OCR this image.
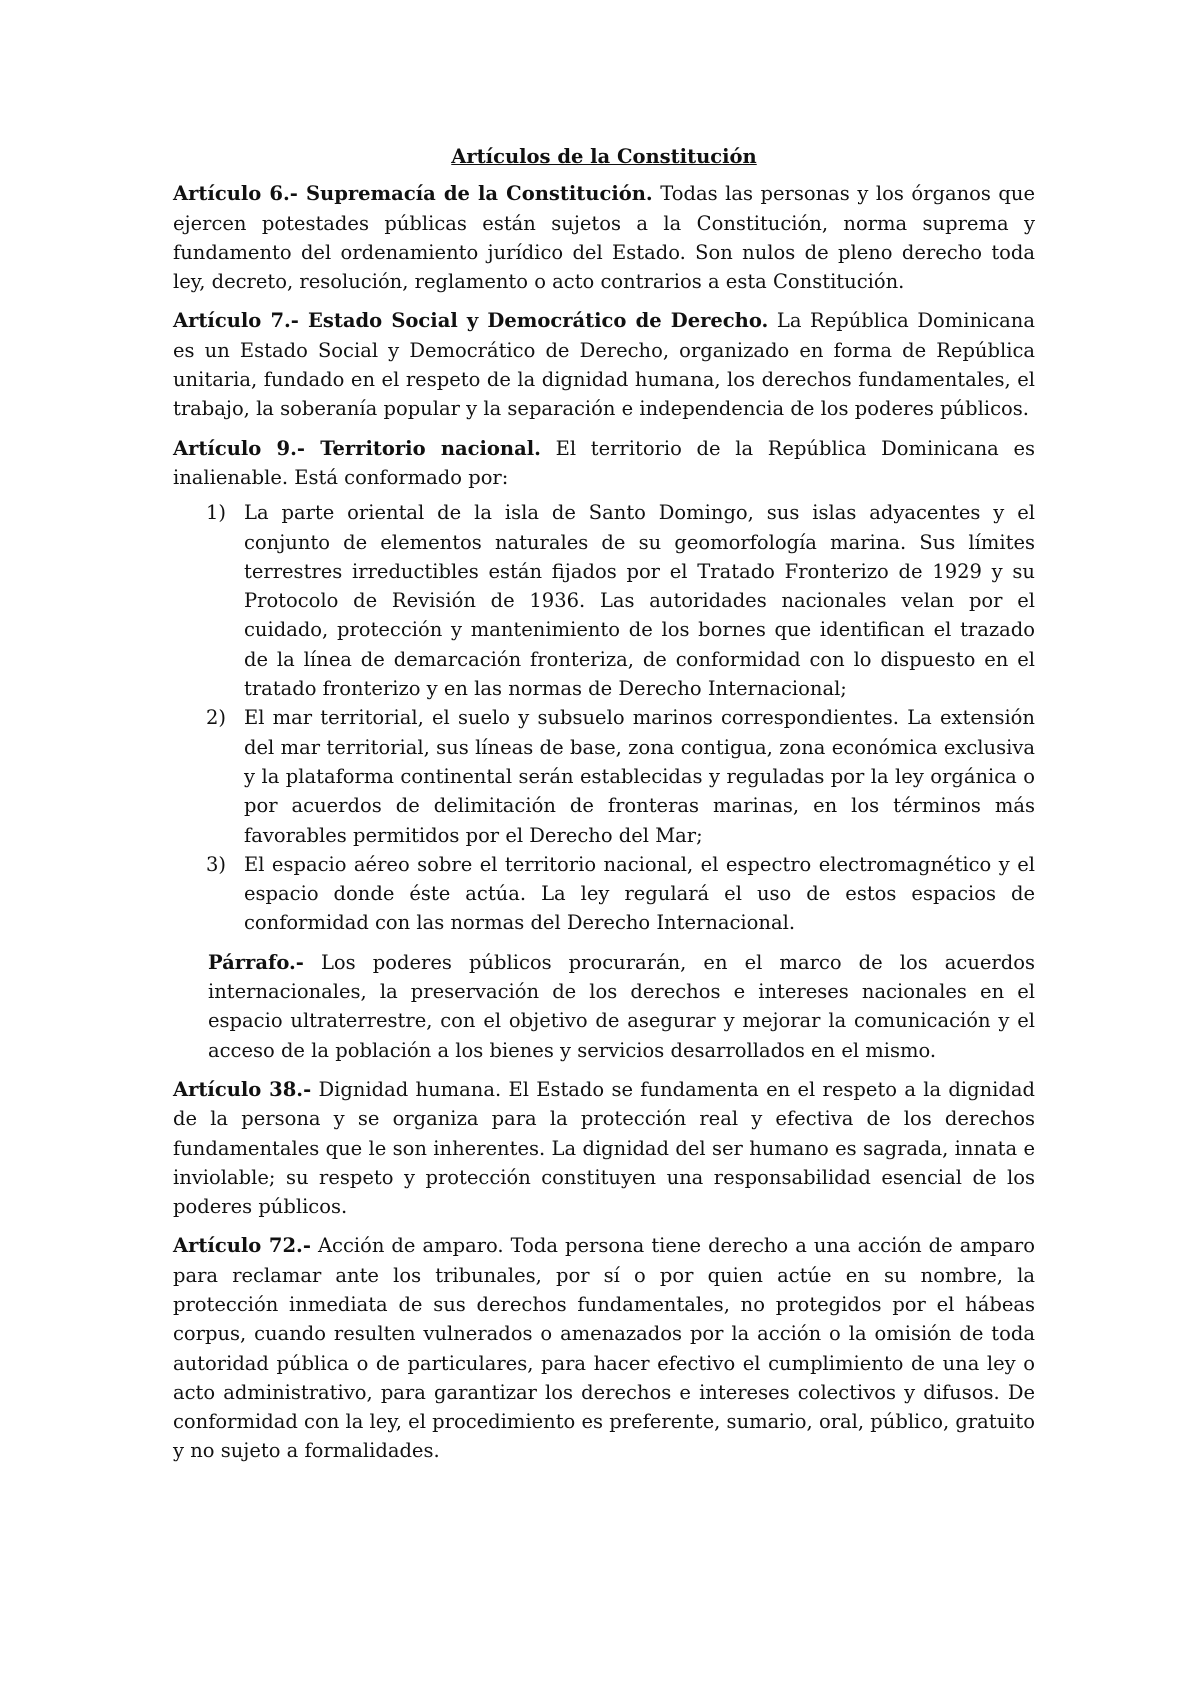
Artículos de la Constitución

Artículo 6.- Supremacía de la Constitución. Todas las personas y los órganos que ejercen potestades públicas están sujetos a la Constitución, norma suprema y fundamento del ordenamiento jurídico del Estado. Son nulos de pleno derecho toda ley, decreto, resolución, reglamento o acto contrarios a esta Constitución.

Artículo 7.- Estado Social y Democrático de Derecho. La República Dominicana es un Estado Social y Democrático de Derecho, organizado en forma de República unitaria, fundado en el respeto de la dignidad humana, los derechos fundamentales, el trabajo, la soberanía popular y la separación e independencia de los poderes públicos.

Artículo 9.- Territorio nacional. El territorio de la República Dominicana es inalienable. Está conformado por:

1) La parte oriental de la isla de Santo Domingo, sus islas adyacentes y el conjunto de elementos naturales de su geomorfología marina. Sus límites terrestres irreductibles están fijados por el Tratado Fronterizo de 1929 y su Protocolo de Revisión de 1936. Las autoridades nacionales velan por el cuidado, protección y mantenimiento de los bornes que identifican el trazado de la línea de demarcación fronteriza, de conformidad con lo dispuesto en el tratado fronterizo y en las normas de Derecho Internacional;
2) El mar territorial, el suelo y subsuelo marinos correspondientes. La extensión del mar territorial, sus líneas de base, zona contigua, zona económica exclusiva y la plataforma continental serán establecidas y reguladas por la ley orgánica o por acuerdos de delimitación de fronteras marinas, en los términos más favorables permitidos por el Derecho del Mar;
3) El espacio aéreo sobre el territorio nacional, el espectro electromagnético y el espacio donde éste actúa. La ley regulará el uso de estos espacios de conformidad con las normas del Derecho Internacional.

Párrafo.- Los poderes públicos procurarán, en el marco de los acuerdos internacionales, la preservación de los derechos e intereses nacionales en el espacio ultraterrestre, con el objetivo de asegurar y mejorar la comunicación y el acceso de la población a los bienes y servicios desarrollados en el mismo.

Artículo 38.- Dignidad humana. El Estado se fundamenta en el respeto a la dignidad de la persona y se organiza para la protección real y efectiva de los derechos fundamentales que le son inherentes. La dignidad del ser humano es sagrada, innata e inviolable; su respeto y protección constituyen una responsabilidad esencial de los poderes públicos.

Artículo 72.- Acción de amparo. Toda persona tiene derecho a una acción de amparo para reclamar ante los tribunales, por sí o por quien actúe en su nombre, la protección inmediata de sus derechos fundamentales, no protegidos por el hábeas corpus, cuando resulten vulnerados o amenazados por la acción o la omisión de toda autoridad pública o de particulares, para hacer efectivo el cumplimiento de una ley o acto administrativo, para garantizar los derechos e intereses colectivos y difusos. De conformidad con la ley, el procedimiento es preferente, sumario, oral, público, gratuito y no sujeto a formalidades.
